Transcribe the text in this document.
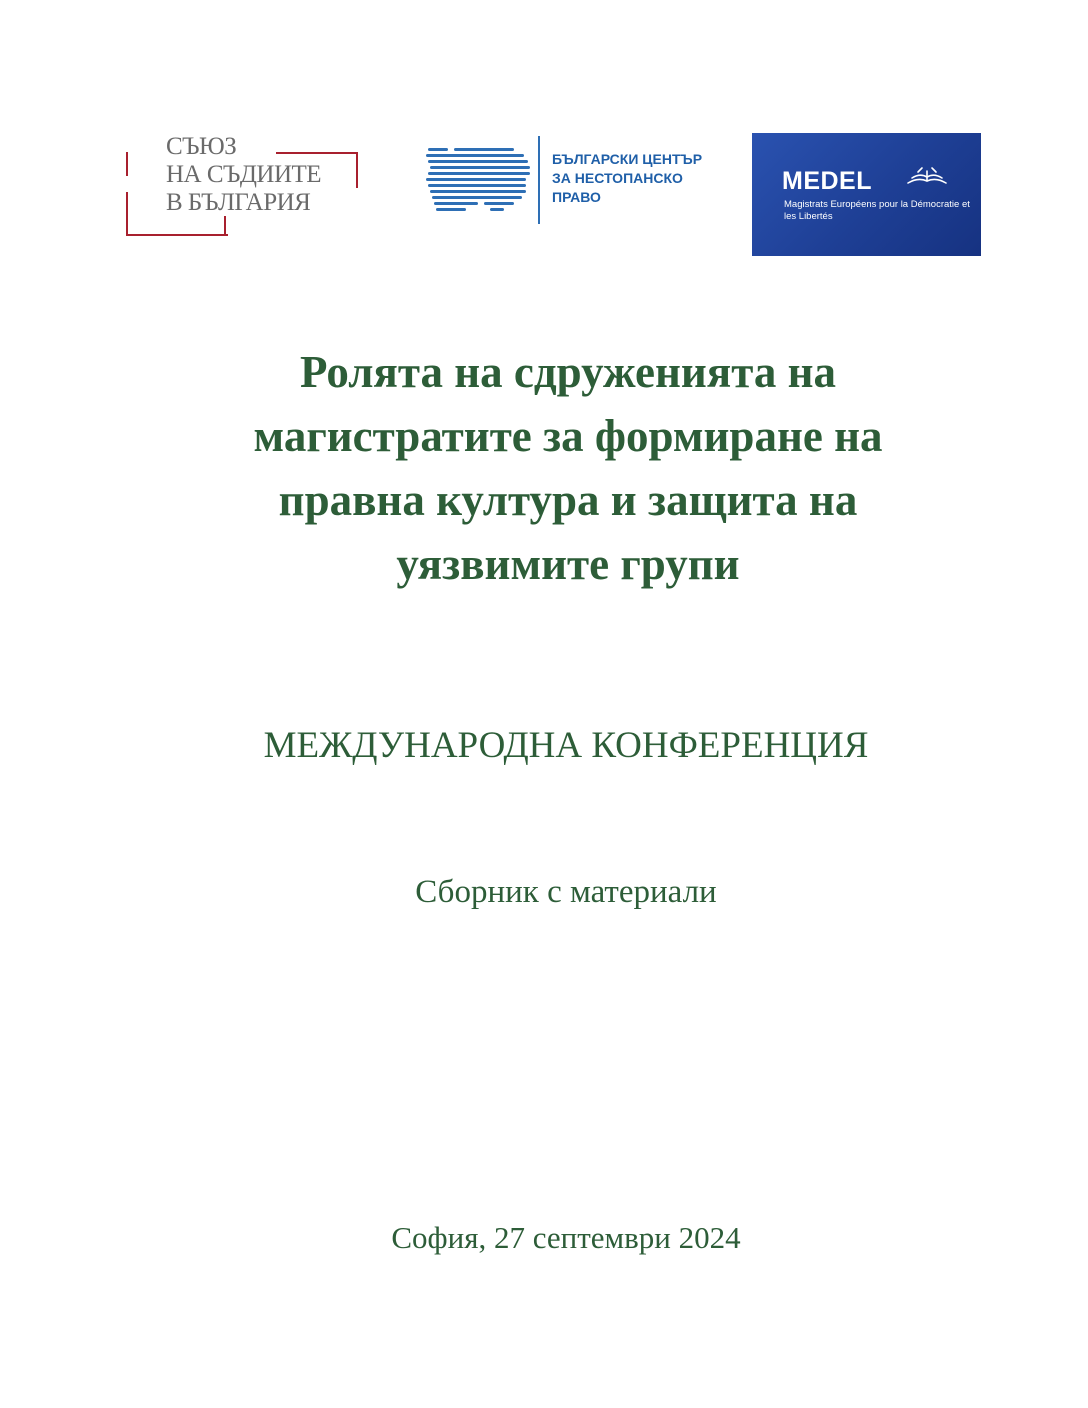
СЪЮЗ
НА СЪДИИТЕ
В БЪЛГАРИЯ
БЪЛГАРСКИ ЦЕНТЪР
ЗА НЕСТОПАНСКО
ПРАВО
MEDEL
Magistrats Européens pour la Démocratie et les Libertés
Ролята на сдруженията на
магистратите за формиране на
правна култура и защита на
уязвимите групи

МЕЖДУНАРОДНА КОНФЕРЕНЦИЯ

Сборник с материали

София, 27 септември 2024
